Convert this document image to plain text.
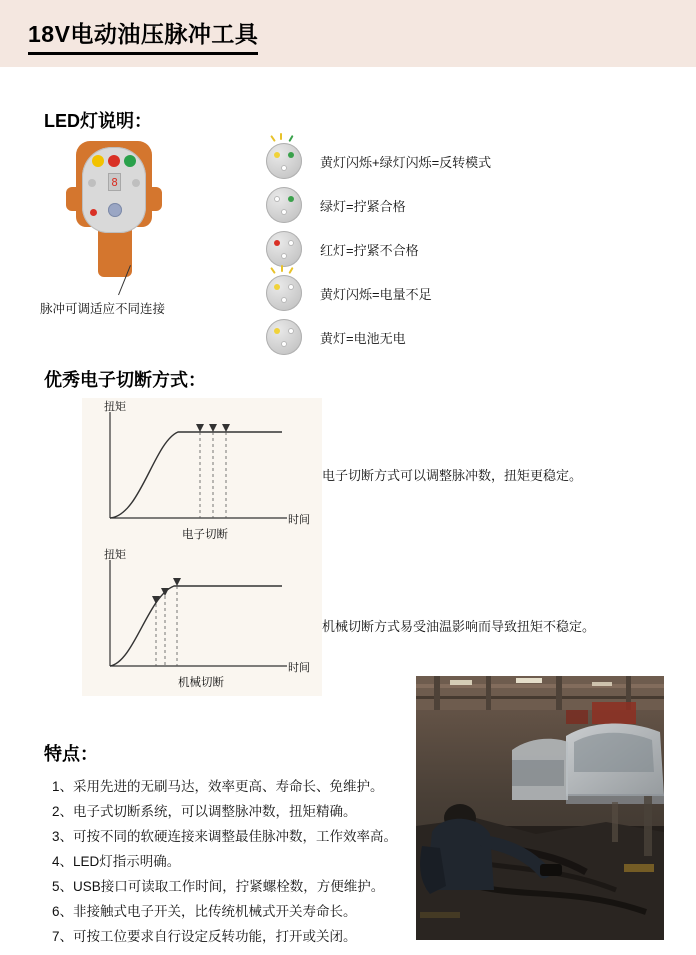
18V电动油压脉冲工具
LED灯说明：
8
脉冲可调适应不同连接
黄灯闪烁+绿灯闪烁=反转模式
绿灯=拧紧合格
红灯=拧紧不合格
黄灯闪烁=电量不足
黄灯=电池无电
优秀电子切断方式：
扭矩
时间
电子切断
电子切断方式可以调整脉冲数，扭矩更稳定。
扭矩
时间
机械切断
机械切断方式易受油温影响而导致扭矩不稳定。
特点：
1、采用先进的无刷马达，效率更高、寿命长、免维护。
2、电子式切断系统，可以调整脉冲数，扭矩精确。
3、可按不同的软硬连接来调整最佳脉冲数，工作效率高。
4、LED灯指示明确。
5、USB接口可读取工作时间，拧紧螺栓数，方便维护。
6、非接触式电子开关，比传统机械式开关寿命长。
7、可按工位要求自行设定反转功能，打开或关闭。
